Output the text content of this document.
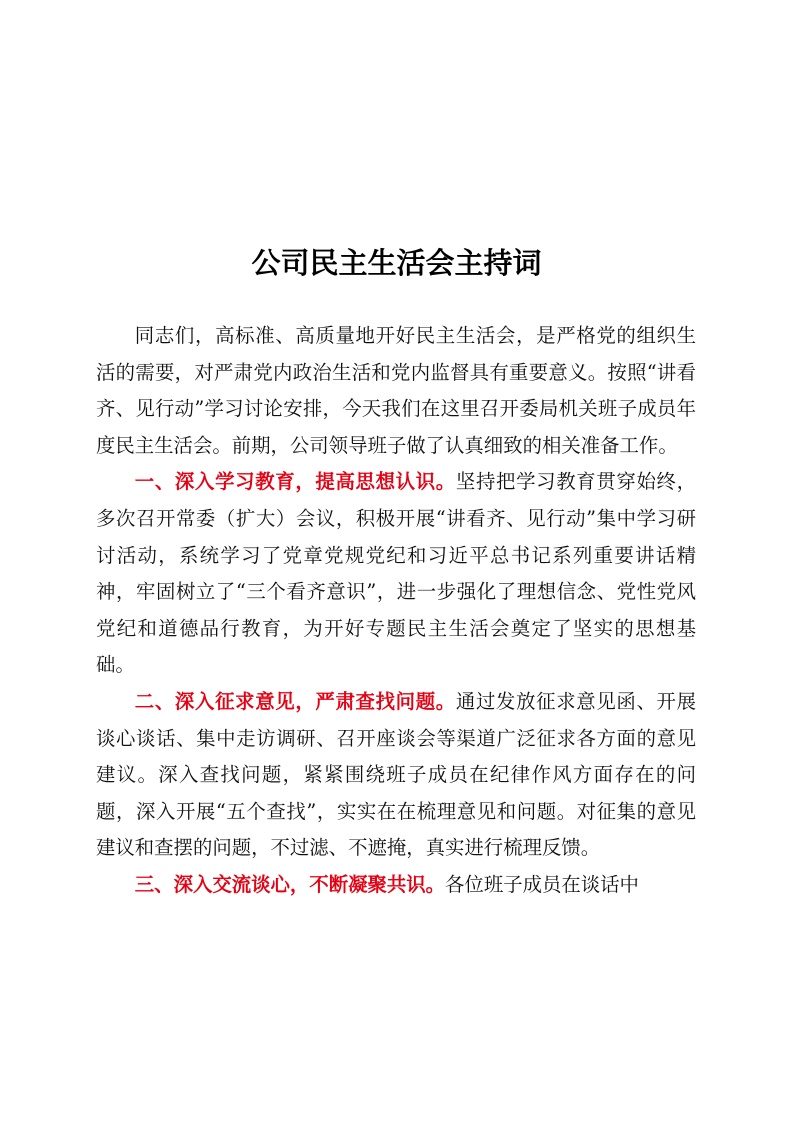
公司民主生活会主持词

同志们，高标准、高质量地开好民主生活会，是严格党的组织生活的需要，对严肃党内政治生活和党内监督具有重要意义。按照“讲看齐、见行动”学习讨论安排，今天我们在这里召开委局机关班子成员年度民主生活会。前期，公司领导班子做了认真细致的相关准备工作。

一、深入学习教育，提高思想认识。坚持把学习教育贯穿始终，多次召开常委（扩大）会议，积极开展“讲看齐、见行动”集中学习研讨活动，系统学习了党章党规党纪和习近平总书记系列重要讲话精神，牢固树立了“三个看齐意识”，进一步强化了理想信念、党性党风党纪和道德品行教育，为开好专题民主生活会奠定了坚实的思想基础。

二、深入征求意见，严肃查找问题。通过发放征求意见函、开展谈心谈话、集中走访调研、召开座谈会等渠道广泛征求各方面的意见建议。深入查找问题，紧紧围绕班子成员在纪律作风方面存在的问题，深入开展“五个查找”，实实在在梳理意见和问题。对征集的意见建议和查摆的问题，不过滤、不遮掩，真实进行梳理反馈。

三、深入交流谈心，不断凝聚共识。各位班子成员在谈话中
